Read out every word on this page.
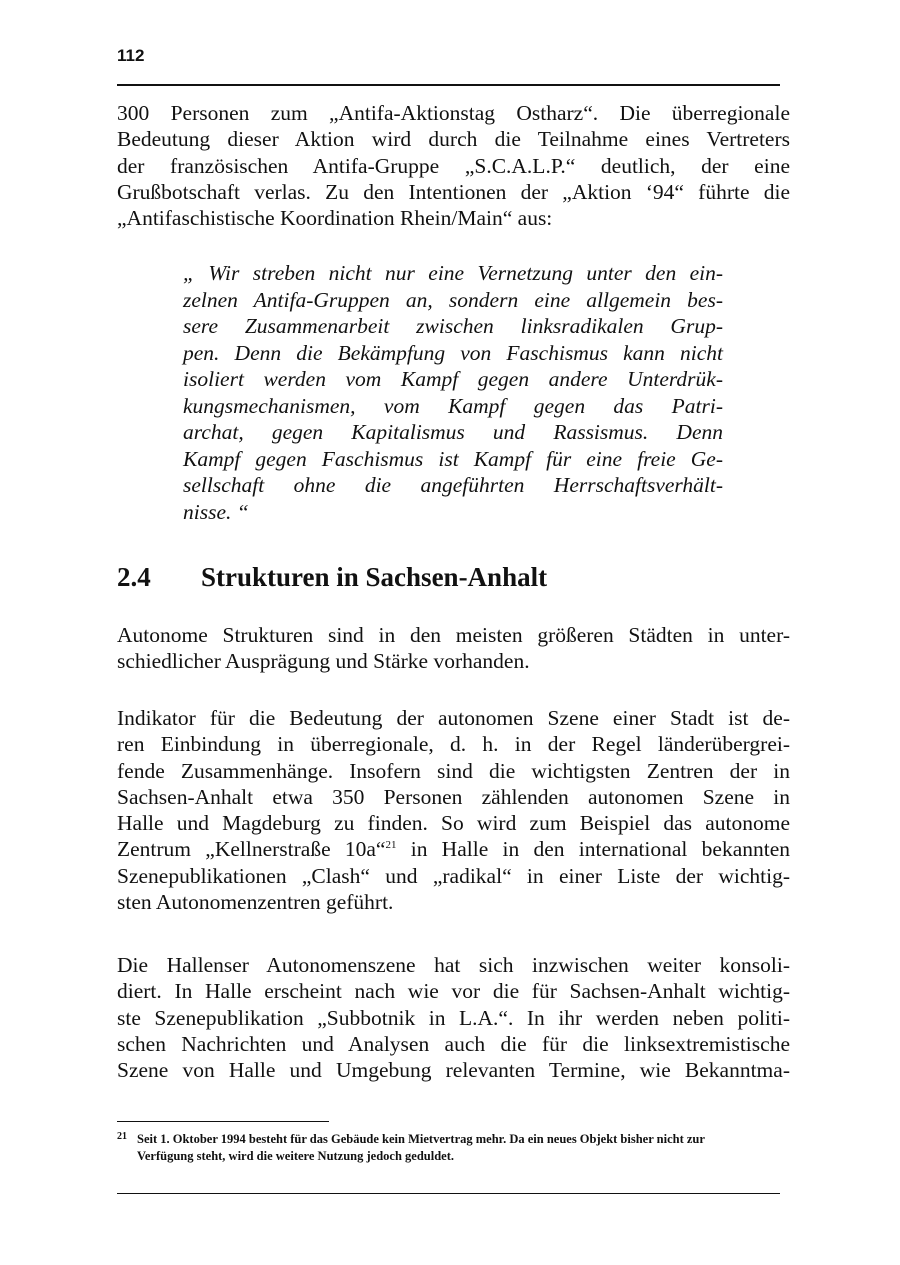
112
300 Personen zum „Antifa-Aktionstag Ostharz“. Die überregionale
Bedeutung dieser Aktion wird durch die Teilnahme eines Vertreters
der französischen Antifa-Gruppe „S.C.A.L.P.“ deutlich, der eine
Grußbotschaft verlas. Zu den Intentionen der „Aktion ‘94“ führte die
„Antifaschistische Koordination Rhein/Main“ aus:
„ Wir streben nicht nur eine Vernetzung unter den ein-
zelnen Antifa-Gruppen an, sondern eine allgemein bes-
sere Zusammenarbeit zwischen linksradikalen Grup-
pen. Denn die Bekämpfung von Faschismus kann nicht
isoliert werden vom Kampf gegen andere Unterdrük-
kungsmechanismen, vom Kampf gegen das Patri-
archat, gegen Kapitalismus und Rassismus. Denn
Kampf gegen Faschismus ist Kampf für eine freie Ge-
sellschaft ohne die angeführten Herrschaftsverhält-
nisse. “
2.4 Strukturen in Sachsen-Anhalt
Autonome Strukturen sind in den meisten größeren Städten in unter-
schiedlicher Ausprägung und Stärke vorhanden.
Indikator für die Bedeutung der autonomen Szene einer Stadt ist de-
ren Einbindung in überregionale, d. h. in der Regel länderübergrei-
fende Zusammenhänge. Insofern sind die wichtigsten Zentren der in
Sachsen-Anhalt etwa 350 Personen zählenden autonomen Szene in
Halle und Magdeburg zu finden. So wird zum Beispiel das autonome
Zentrum „Kellnerstraße 10a“$^{21}$ in Halle in den international bekannten
Szenepublikationen „Clash“ und „radikal“ in einer Liste der wichtig-
sten Autonomenzentren geführt.
Die Hallenser Autonomenszene hat sich inzwischen weiter konsoli-
diert. In Halle erscheint nach wie vor die für Sachsen-Anhalt wichtig-
ste Szenepublikation „Subbotnik in L.A.“. In ihr werden neben politi-
schen Nachrichten und Analysen auch die für die linksextremistische
Szene von Halle und Umgebung relevanten Termine, wie Bekanntma-
21 Seit 1. Oktober 1994 besteht für das Gebäude kein Mietvertrag mehr. Da ein neues Objekt bisher nicht zur
Verfügung steht, wird die weitere Nutzung jedoch geduldet.
